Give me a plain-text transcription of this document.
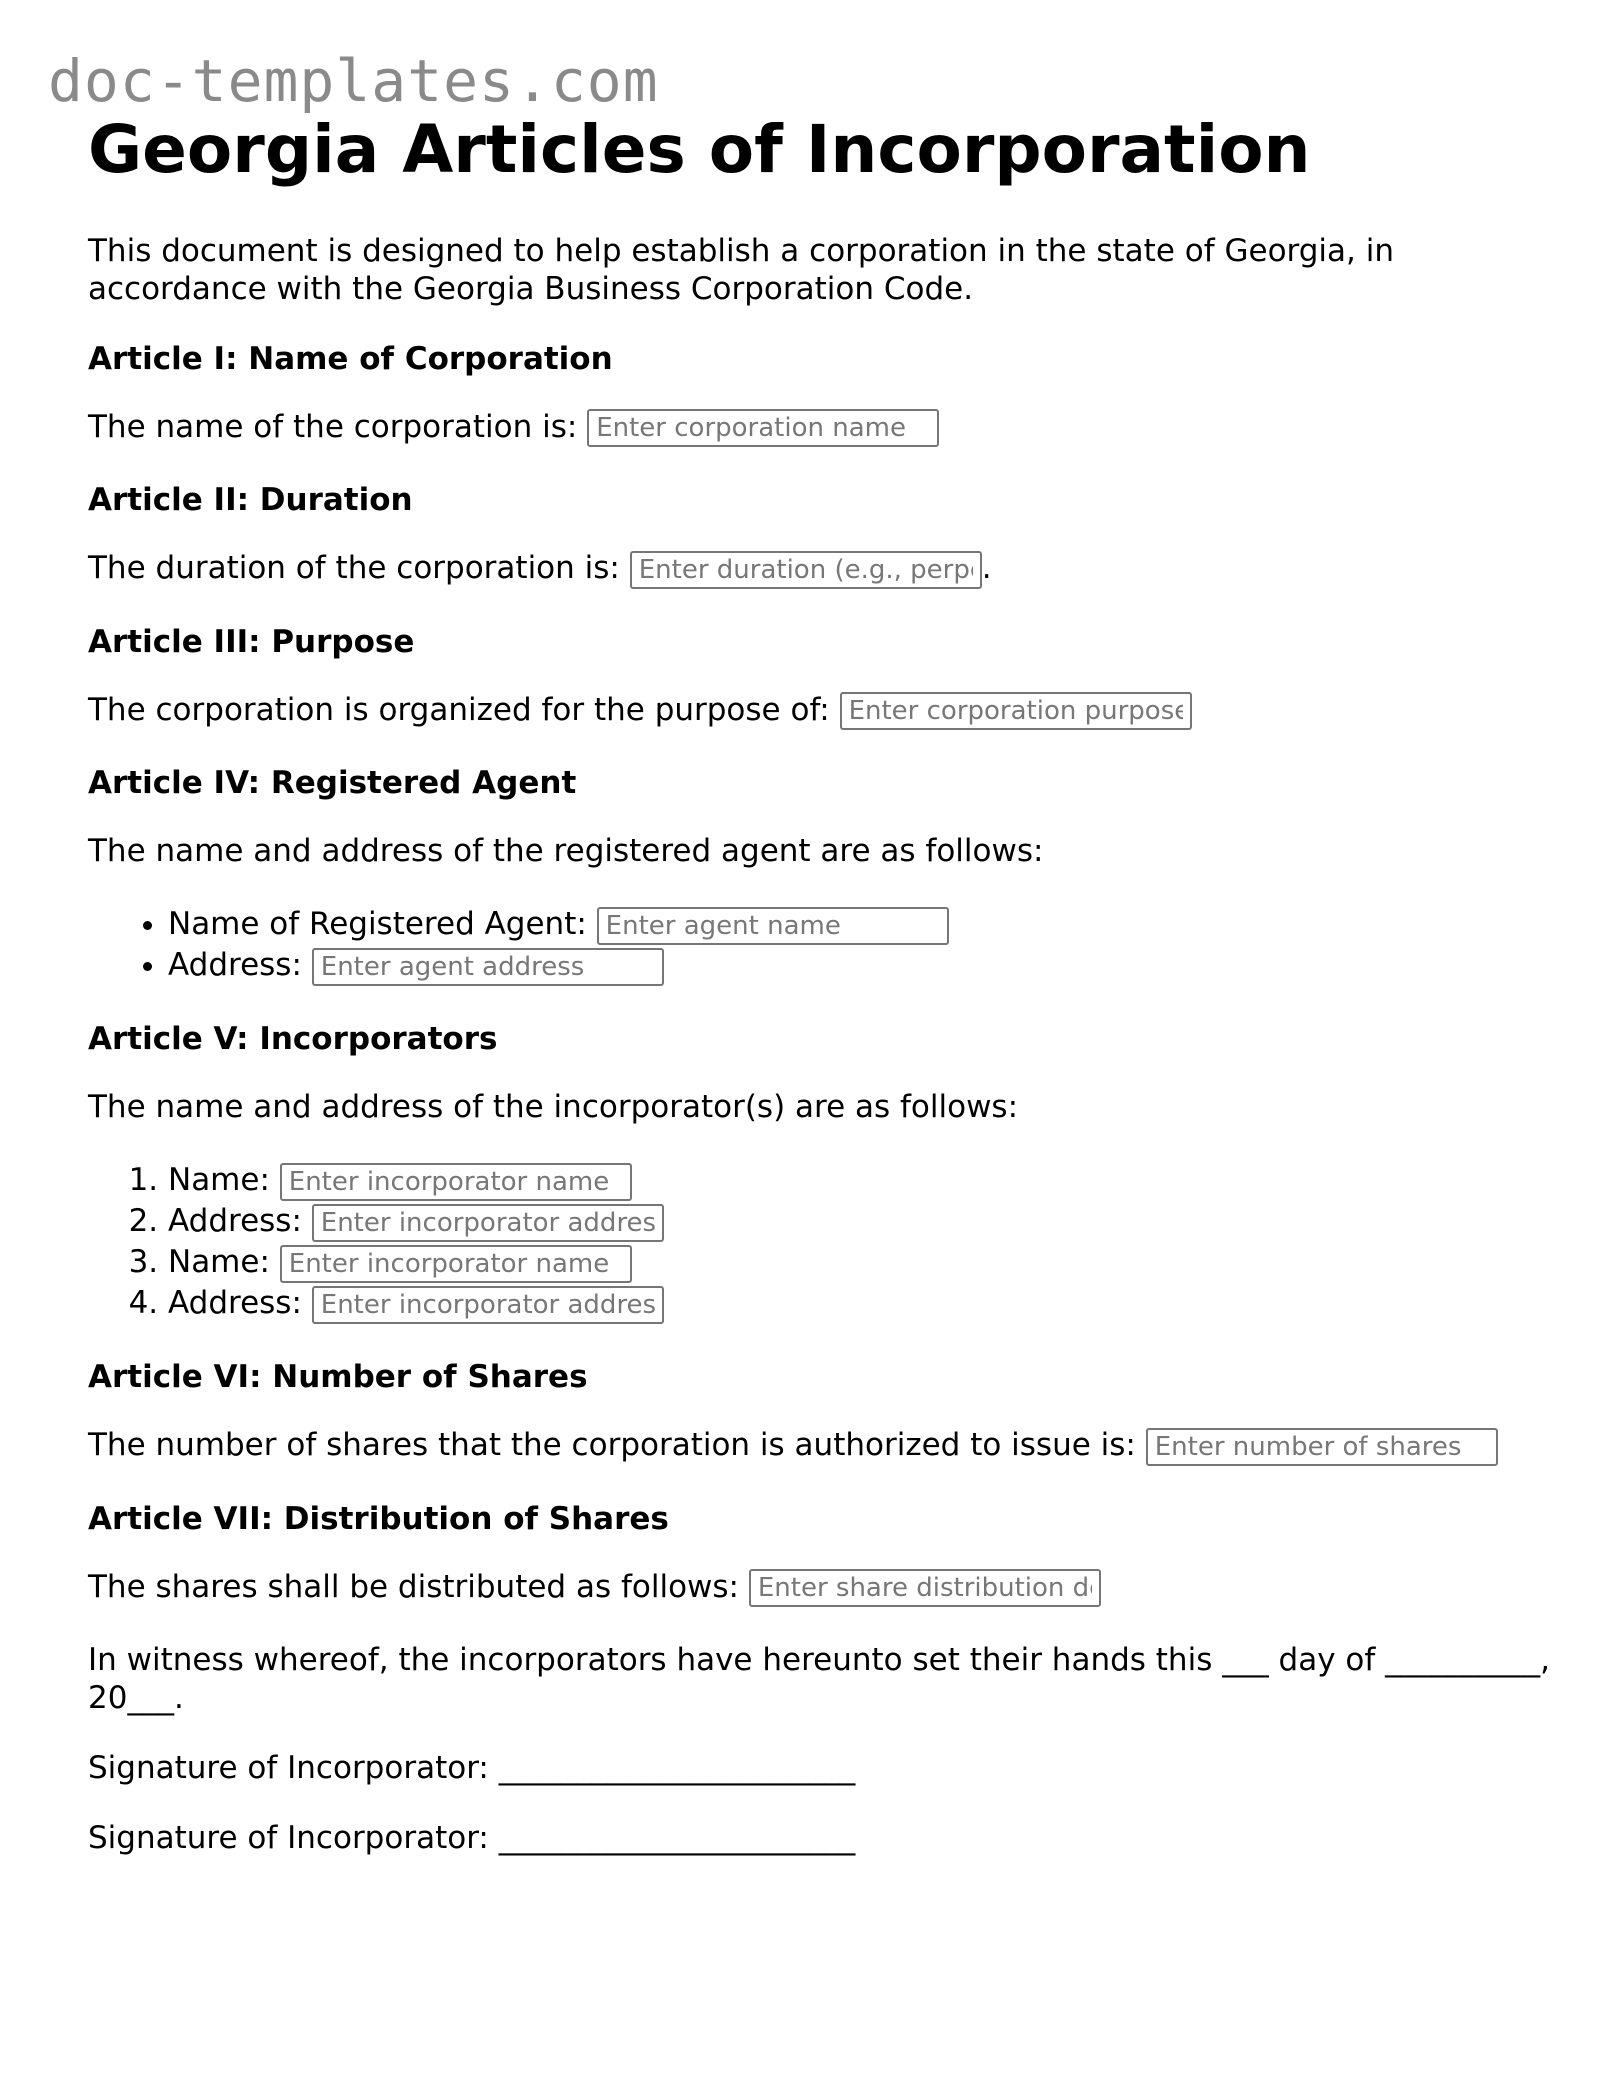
doc-templates.com
Georgia Articles of Incorporation

This document is designed to help establish a corporation in the state of Georgia, in accordance with the Georgia Business Corporation Code.

Article I: Name of Corporation

The name of the corporation is: Enter corporation name

Article II: Duration

The duration of the corporation is: Enter duration (e.g., perpetual)	.

Article III: Purpose

The corporation is organized for the purpose of: Enter corporation purpose

Article IV: Registered Agent

The name and address of the registered agent are as follows:

• Name of Registered Agent: Enter agent name
• Address: Enter agent address
Article V: Incorporators

The name and address of the incorporator(s) are as follows:

1. Name: Enter incorporator name
2. Address: Enter incorporator address
3. Name: Enter incorporator name
4. Address: Enter incorporator address
Article VI: Number of Shares

The number of shares that the corporation is authorized to issue is: Enter number of shares

Article VII: Distribution of Shares

The shares shall be distributed as follows: Enter share distribution details

In witness whereof, the incorporators have hereunto set their hands this ___ day of __________, 20___.

Signature of Incorporator: _______________________

Signature of Incorporator: _______________________
